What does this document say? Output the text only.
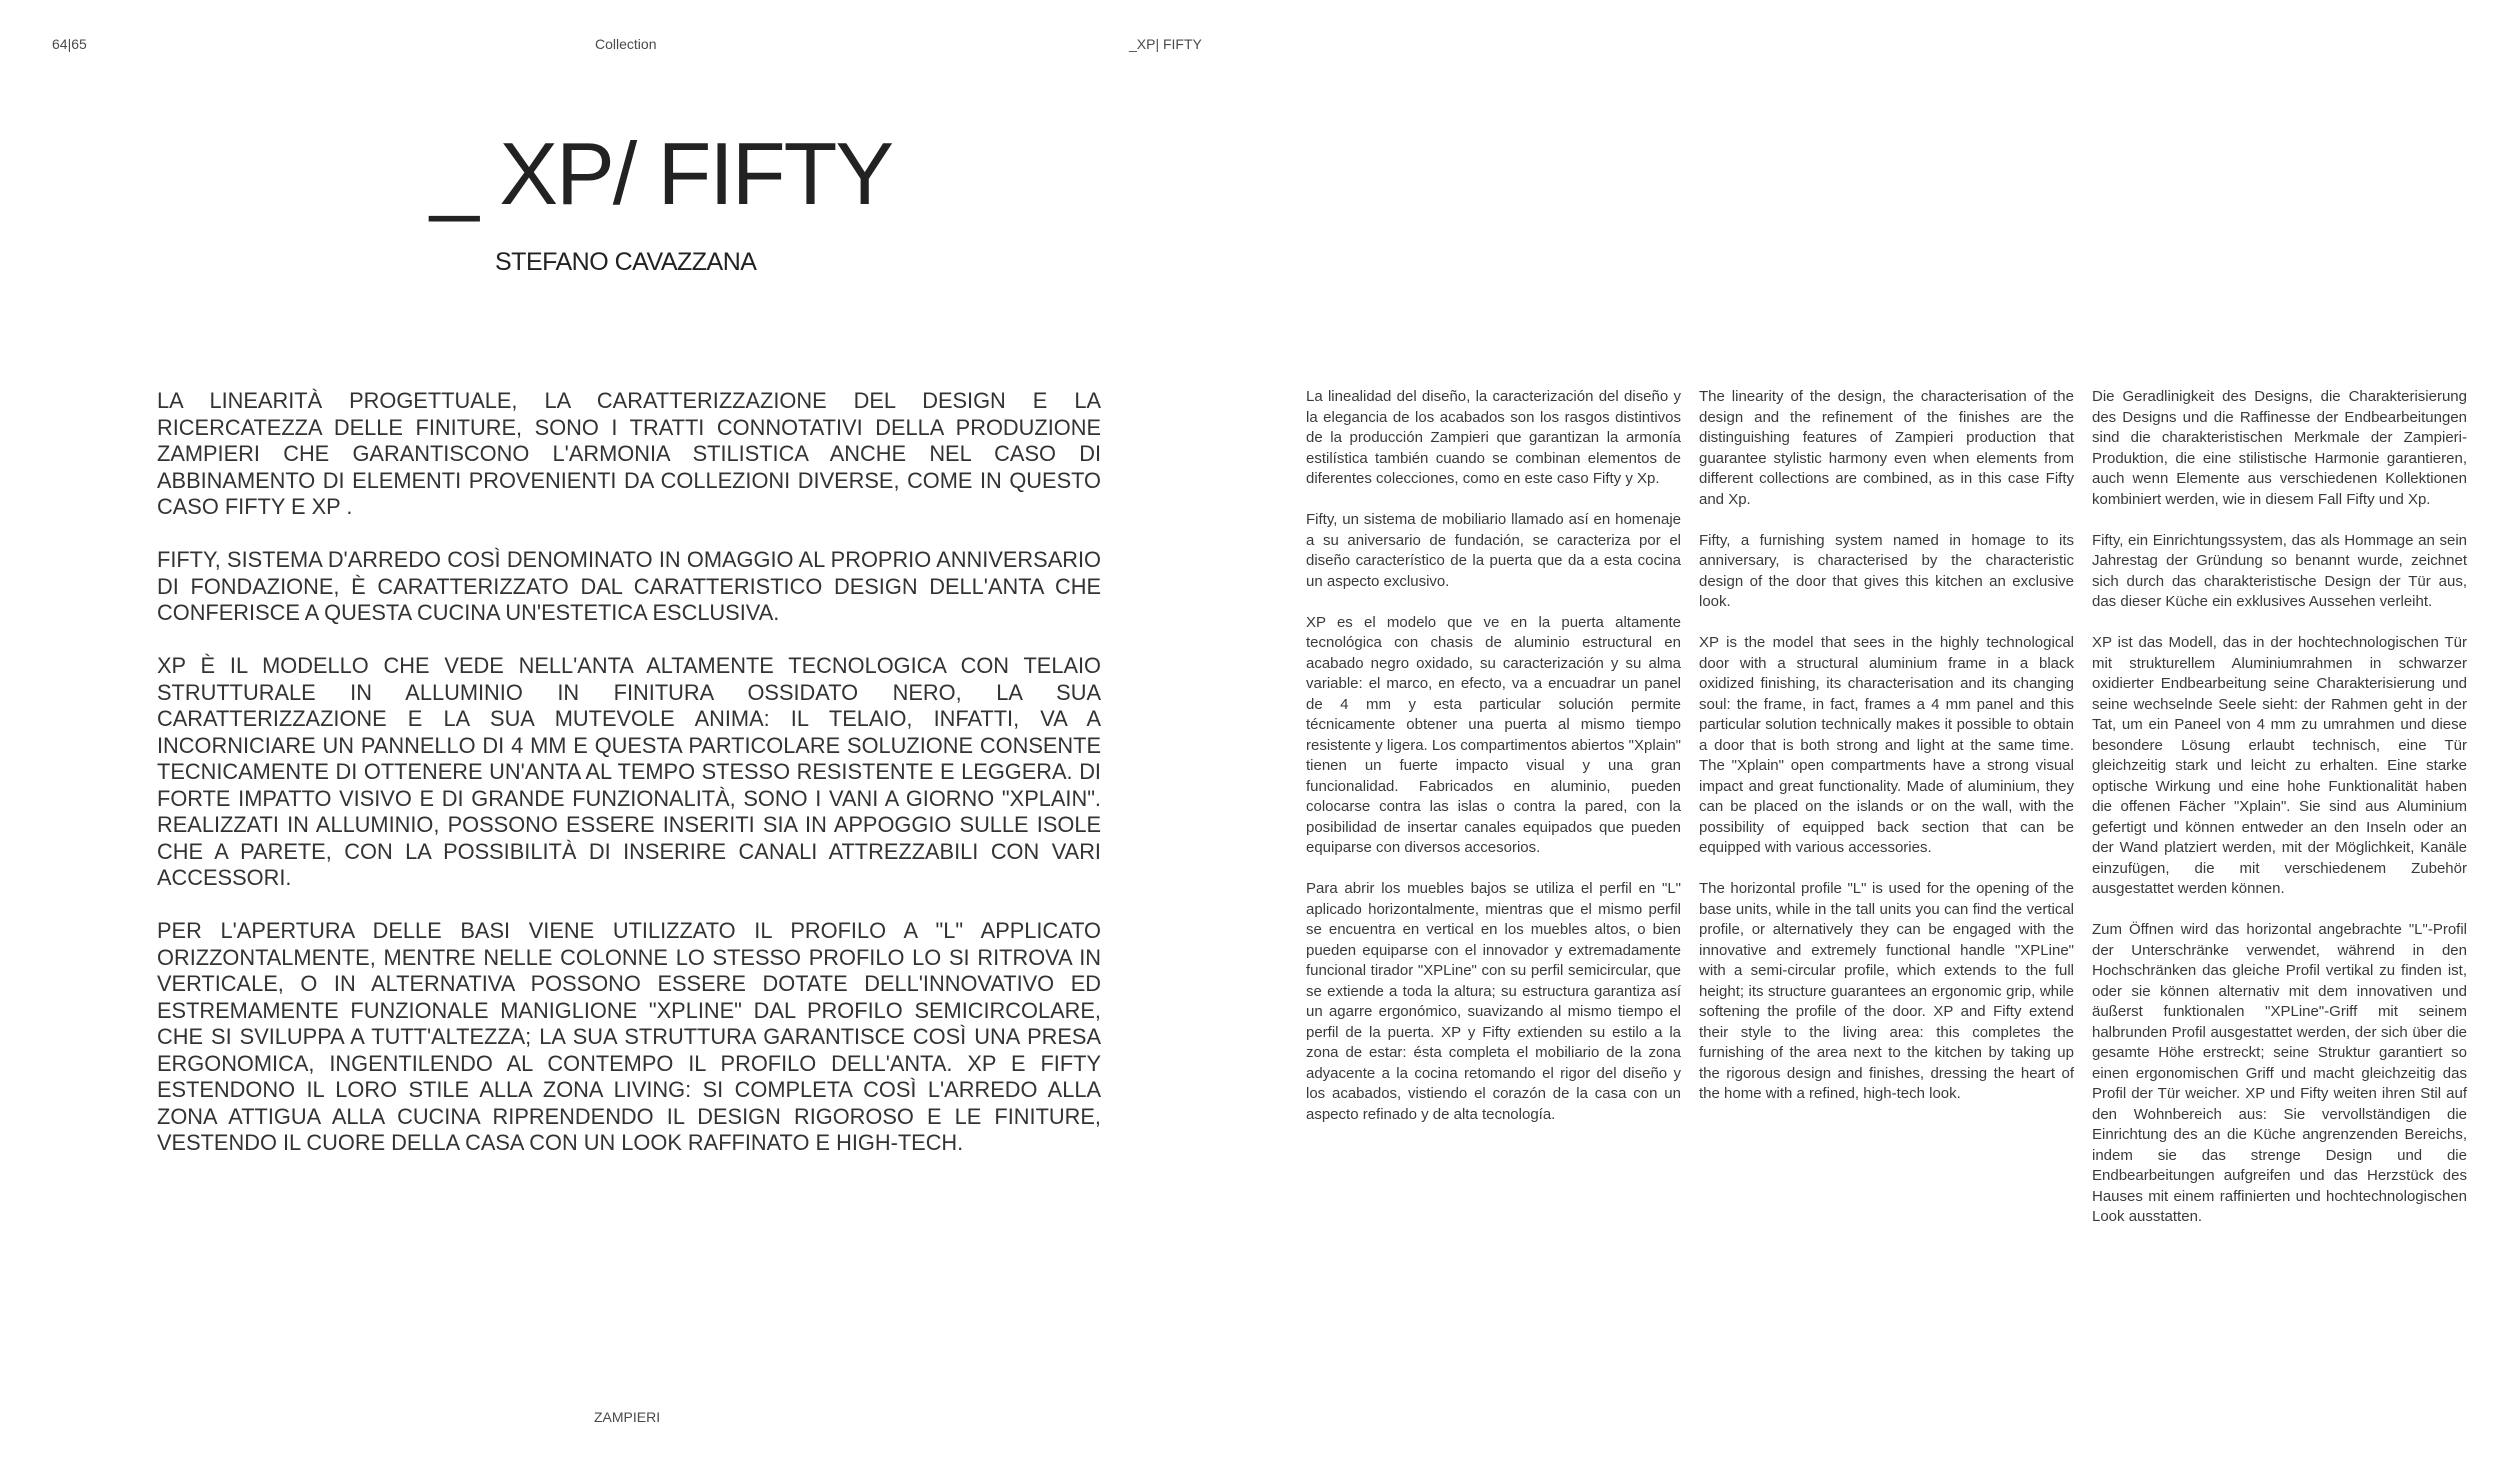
64|65	Collection	_XP| FIFTY
_ XP/ FIFTY
STEFANO CAVAZZANA

LA LINEARITÀ PROGETTUALE, LA CARATTERIZZAZIONE DEL DESIGN E LA RICERCATEZZA DELLE FINITURE, SONO I TRATTI CONNOTATIVI DELLA PRODUZIONE ZAMPIERI CHE GARANTISCONO L'ARMONIA STILISTICA ANCHE NEL CASO DI ABBINAMENTO DI ELEMENTI PROVENIENTI DA COLLEZIONI DIVERSE, COME IN QUESTO CASO FIFTY E XP .

FIFTY, SISTEMA D'ARREDO COSÌ DENOMINATO IN OMAGGIO AL PROPRIO ANNIVERSARIO DI FONDAZIONE, È CARATTERIZZATO DAL CARATTERISTICO DESIGN DELL'ANTA CHE CONFERISCE A QUESTA CUCINA UN'ESTETICA ESCLUSIVA.

XP È IL MODELLO CHE VEDE NELL'ANTA ALTAMENTE TECNOLOGICA CON TELAIO STRUTTURALE IN ALLUMINIO IN FINITURA OSSIDATO NERO, LA SUA CARATTERIZZAZIONE E LA SUA MUTEVOLE ANIMA: IL TELAIO, INFATTI, VA A INCORNICIARE UN PANNELLO DI 4 MM E QUESTA PARTICOLARE SOLUZIONE CONSENTE TECNICAMENTE DI OTTENERE UN'ANTA AL TEMPO STESSO RESISTENTE E LEGGERA. DI FORTE IMPATTO VISIVO E DI GRANDE FUNZIONALITÀ, SONO I VANI A GIORNO "XPLAIN". REALIZZATI IN ALLUMINIO, POSSONO ESSERE INSERITI SIA IN APPOGGIO SULLE ISOLE CHE A PARETE, CON LA POSSIBILITÀ DI INSERIRE CANALI ATTREZZABILI CON VARI ACCESSORI.

PER L'APERTURA DELLE BASI VIENE UTILIZZATO IL PROFILO A "L" APPLICATO ORIZZONTALMENTE, MENTRE NELLE COLONNE LO STESSO PROFILO LO SI RITROVA IN VERTICALE, O IN ALTERNATIVA POSSONO ESSERE DOTATE DELL'INNOVATIVO ED ESTREMAMENTE FUNZIONALE MANIGLIONE "XPLINE" DAL PROFILO SEMICIRCOLARE, CHE SI SVILUPPA A TUTT'ALTEZZA; LA SUA STRUTTURA GARANTISCE COSÌ UNA PRESA ERGONOMICA, INGENTILENDO AL CONTEMPO IL PROFILO DELL'ANTA. XP E FIFTY ESTENDONO IL LORO STILE ALLA ZONA LIVING: SI COMPLETA COSÌ L'ARREDO ALLA ZONA ATTIGUA ALLA CUCINA RIPRENDENDO IL DESIGN RIGOROSO E LE FINITURE, VESTENDO IL CUORE DELLA CASA CON UN LOOK RAFFINATO E HIGH-TECH.

La linealidad del diseño, la caracterización del diseño y la elegancia de los acabados son los rasgos distintivos de la producción Zampieri que garantizan la armonía estilística también cuando se combinan elementos de diferentes colecciones, como en este caso Fifty y Xp.

Fifty, un sistema de mobiliario llamado así en homenaje a su aniversario de fundación, se caracteriza por el diseño característico de la puerta que da a esta cocina un aspecto exclusivo.

XP es el modelo que ve en la puerta altamente tecnológica con chasis de aluminio estructural en acabado negro oxidado, su caracterización y su alma variable: el marco, en efecto, va a encuadrar un panel de 4 mm y esta particular solución permite técnicamente obtener una puerta al mismo tiempo resistente y ligera. Los compartimentos abiertos "Xplain" tienen un fuerte impacto visual y una gran funcionalidad. Fabricados en aluminio, pueden colocarse contra las islas o contra la pared, con la posibilidad de insertar canales equipados que pueden equiparse con diversos accesorios.

Para abrir los muebles bajos se utiliza el perfil en "L" aplicado horizontalmente, mientras que el mismo perfil se encuentra en vertical en los muebles altos, o bien pueden equiparse con el innovador y extremadamente funcional tirador "XPLine" con su perfil semicircular, que se extiende a toda la altura; su estructura garantiza así un agarre ergonómico, suavizando al mismo tiempo el perfil de la puerta. XP y Fifty extienden su estilo a la zona de estar: ésta completa el mobiliario de la zona adyacente a la cocina retomando el rigor del diseño y los acabados, vistiendo el corazón de la casa con un aspecto refinado y de alta tecnología.

The linearity of the design, the characterisation of the design and the refinement of the finishes are the distinguishing features of Zampieri production that guarantee stylistic harmony even when elements from different collections are combined, as in this case Fifty and Xp.

Fifty, a furnishing system named in homage to its anniversary, is characterised by the characteristic design of the door that gives this kitchen an exclusive look.

XP is the model that sees in the highly technological door with a structural aluminium frame in a black oxidized finishing, its characterisation and its changing soul: the frame, in fact, frames a 4 mm panel and this particular solution technically makes it possible to obtain a door that is both strong and light at the same time. The "Xplain" open compartments have a strong visual impact and great functionality. Made of aluminium, they can be placed on the islands or on the wall, with the possibility of equipped back section that can be equipped with various accessories.

The horizontal profile "L" is used for the opening of the base units, while in the tall units you can find the vertical profile, or alternatively they can be engaged with the innovative and extremely functional handle "XPLine" with a semi-circular profile, which extends to the full height; its structure guarantees an ergonomic grip, while softening the profile of the door. XP and Fifty extend their style to the living area: this completes the furnishing of the area next to the kitchen by taking up the rigorous design and finishes, dressing the heart of the home with a refined, high-tech look.

Die Geradlinigkeit des Designs, die Charakterisierung des Designs und die Raffinesse der Endbearbeitungen sind die charakteristischen Merkmale der Zampieri-Produktion, die eine stilistische Harmonie garantieren, auch wenn Elemente aus verschiedenen Kollektionen kombiniert werden, wie in diesem Fall Fifty und Xp.

Fifty, ein Einrichtungssystem, das als Hommage an sein Jahrestag der Gründung so benannt wurde, zeichnet sich durch das charakteristische Design der Tür aus, das dieser Küche ein exklusives Aussehen verleiht.

XP ist das Modell, das in der hochtechnologischen Tür mit strukturellem Aluminiumrahmen in schwarzer oxidierter Endbearbeitung seine Charakterisierung und seine wechselnde Seele sieht: der Rahmen geht in der Tat, um ein Paneel von 4 mm zu umrahmen und diese besondere Lösung erlaubt technisch, eine Tür gleichzeitig stark und leicht zu erhalten. Eine starke optische Wirkung und eine hohe Funktionalität haben die offenen Fächer "Xplain". Sie sind aus Aluminium gefertigt und können entweder an den Inseln oder an der Wand platziert werden, mit der Möglichkeit, Kanäle einzufügen, die mit verschiedenem Zubehör ausgestattet werden können.

Zum Öffnen wird das horizontal angebrachte "L"-Profil der Unterschränke verwendet, während in den Hochschränken das gleiche Profil vertikal zu finden ist, oder sie können alternativ mit dem innovativen und äußerst funktionalen "XPLine"-Griff mit seinem halbrunden Profil ausgestattet werden, der sich über die gesamte Höhe erstreckt; seine Struktur garantiert so einen ergonomischen Griff und macht gleichzeitig das Profil der Tür weicher. XP und Fifty weiten ihren Stil auf den Wohnbereich aus: Sie vervollständigen die Einrichtung des an die Küche angrenzenden Bereichs, indem sie das strenge Design und die Endbearbeitungen aufgreifen und das Herzstück des Hauses mit einem raffinierten und hochtechnologischen Look ausstatten.

ZAMPIERI
